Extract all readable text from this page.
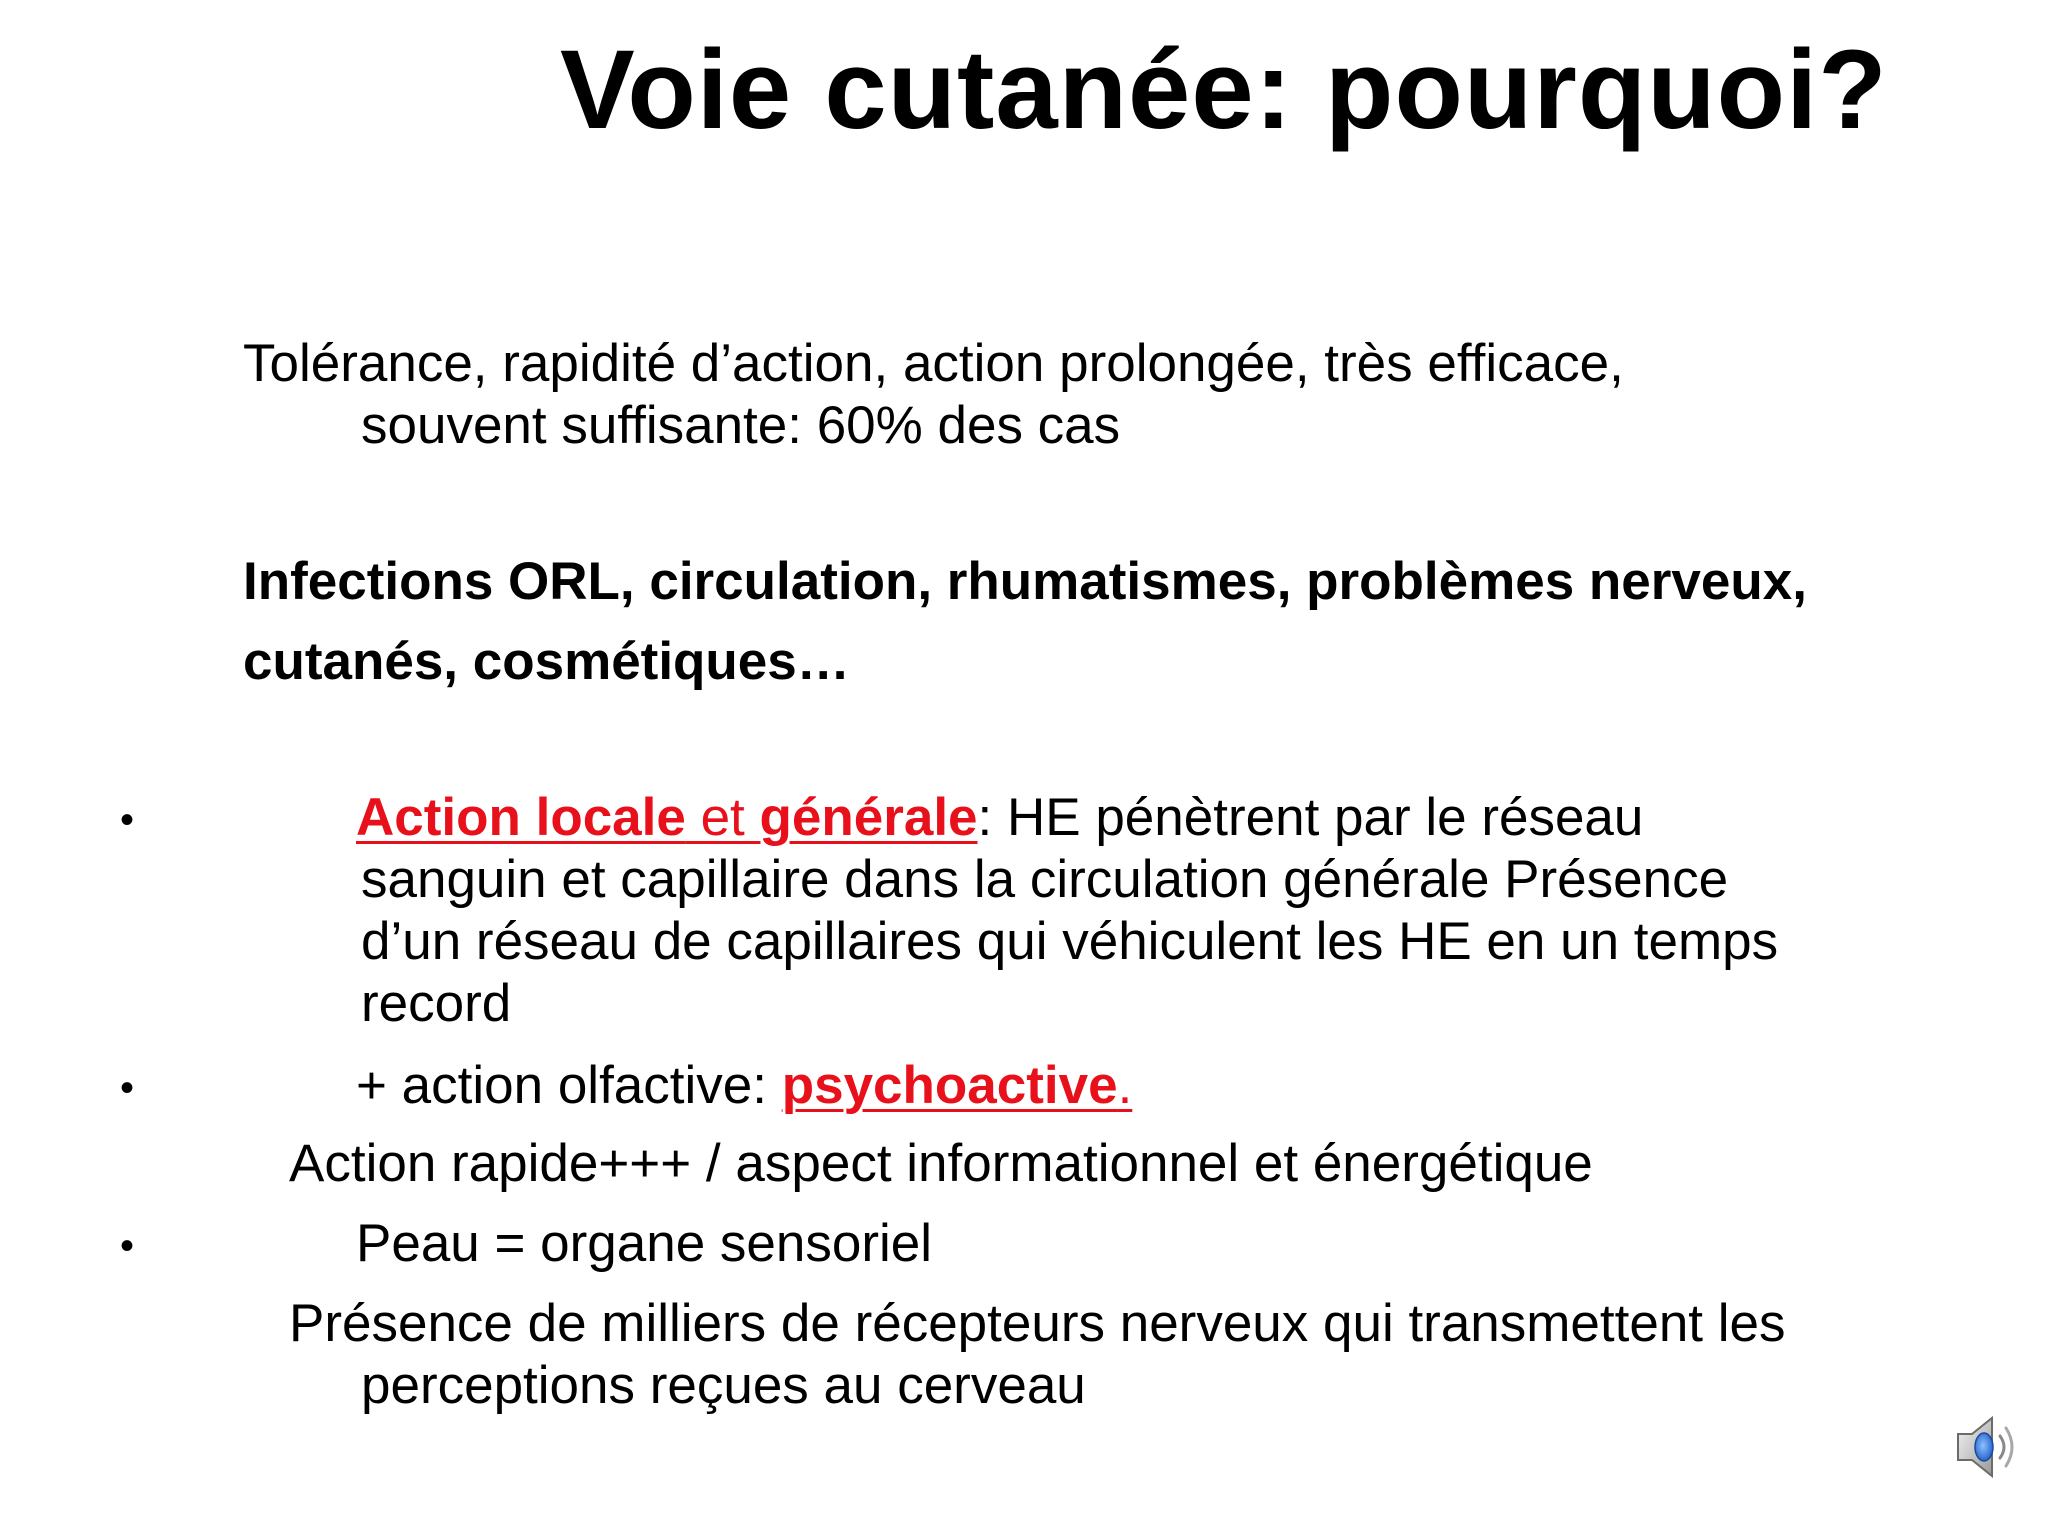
Voie cutanée: pourquoi?
Tolérance, rapidité d’action, action prolongée, très efficace,
souvent suffisante: 60% des cas
Infections ORL, circulation, rhumatismes, problèmes nerveux,
cutanés, cosmétiques…
•	Action locale et générale: HE pénètrent par le réseau
sanguin et capillaire dans la circulation générale Présence
d’un réseau de capillaires qui véhiculent les HE en un temps
record
•	+ action olfactive: psychoactive.
Action rapide+++ / aspect informationnel et énergétique
•	Peau = organe sensoriel
Présence de milliers de récepteurs nerveux qui transmettent les
perceptions reçues au cerveau
